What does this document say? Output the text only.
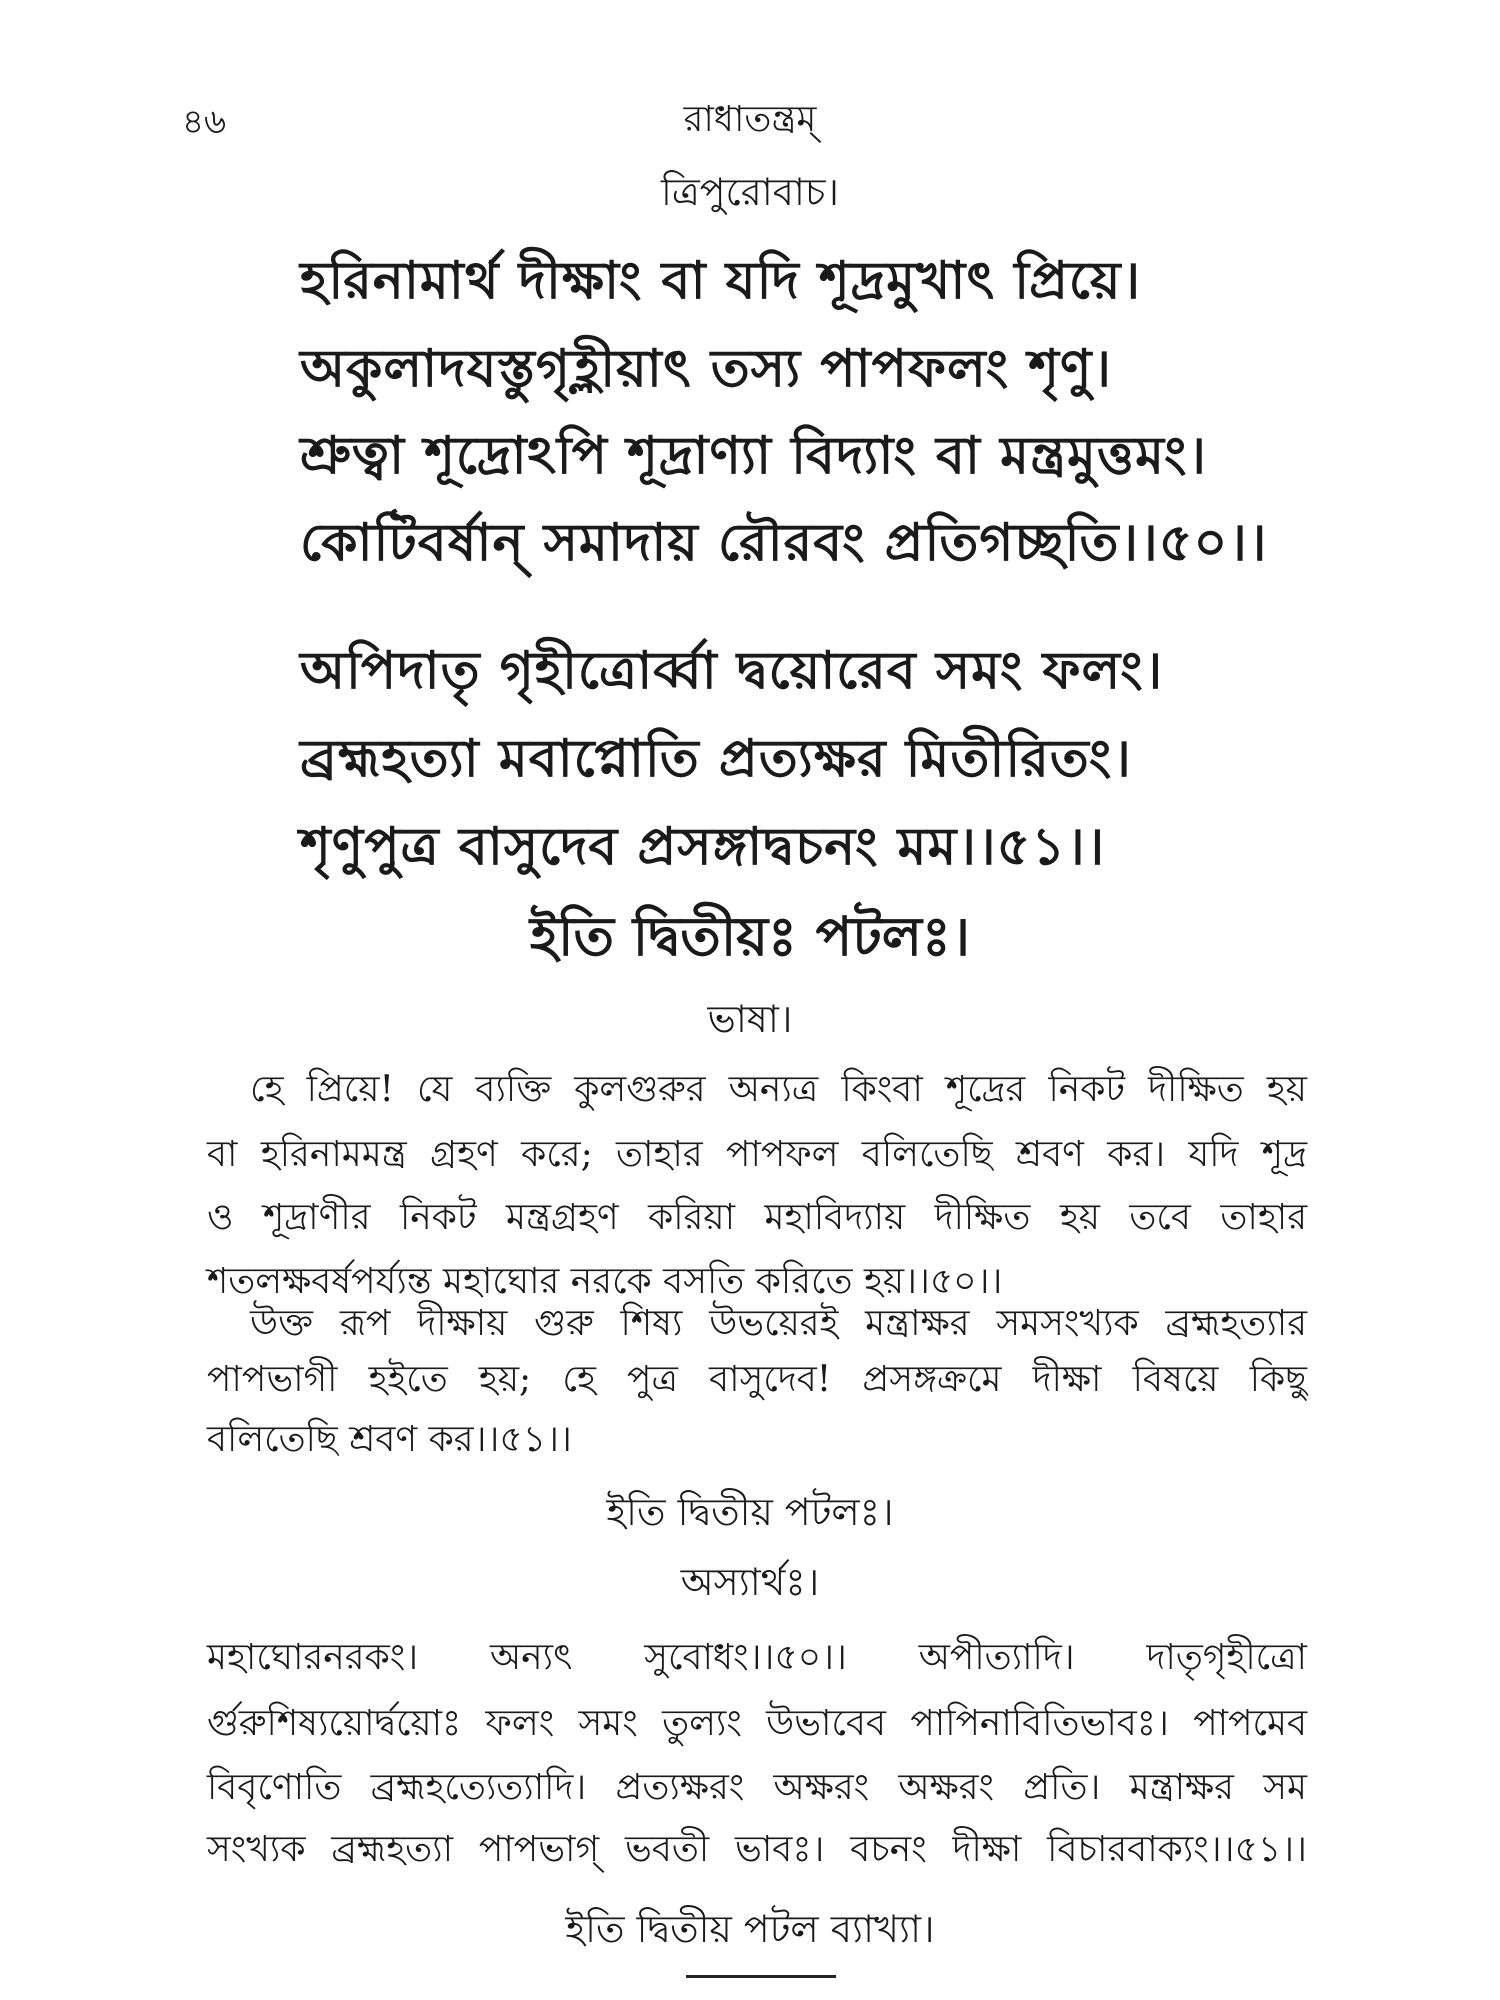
৪৬	রাধাতন্ত্রম্
ত্রিপুরোবাচ।
হরিনামার্থ দীক্ষাং বা যদি শূদ্রমুখাৎ প্রিয়ে।
অকুলাদযস্তুগৃহ্লীয়াৎ তস্য পাপফলং শৃণু।
শ্রুত্বা শূদ্রোঽপি শূদ্রাণ্যা বিদ্যাং বা মন্ত্রমুত্তমং।
কোটিবর্ষান্ সমাদায় রৌরবং প্রতিগচ্ছতি।।৫০।।
অপিদাতৃ গৃহীত্রোর্ব্বা দ্বয়োরেব সমং ফলং।
ব্রহ্মহত্যা মবাপ্নোতি প্রত্যক্ষর মিতীরিতং।
শৃণুপুত্র বাসুদেব প্রসঙ্গাদ্বচনং মম।।৫১।।
ইতি দ্বিতীয়ঃ পটলঃ।
ভাষা।
হে প্রিয়ে! যে ব্যক্তি কুলগুরুর অন্যত্র কিংবা শূদ্রের নিকট দীক্ষিত হয়
বা হরিনামমন্ত্র গ্রহণ করে; তাহার পাপফল বলিতেছি শ্রবণ কর। যদি শূদ্র
ও শূদ্রাণীর নিকট মন্ত্রগ্রহণ করিয়া মহাবিদ্যায় দীক্ষিত হয় তবে তাহার
শতলক্ষবর্ষপর্য্যন্ত মহাঘোর নরকে বসতি করিতে হয়।।৫০।।
উক্ত রূপ দীক্ষায় গুরু শিষ্য উভয়েরই মন্ত্রাক্ষর সমসংখ্যক ব্রহ্মহত্যার
পাপভাগী হইতে হয়; হে পুত্র বাসুদেব! প্রসঙ্গক্রমে দীক্ষা বিষয়ে কিছু
বলিতেছি শ্রবণ কর।।৫১।।
ইতি দ্বিতীয় পটলঃ।
অস্যার্থঃ।
মহাঘোরনরকং। অন্যৎ সুবোধং।।৫০।। অপীত্যাদি। দাতৃগৃহীত্রো
র্গুরুশিষ্যয়োর্দ্বয়োঃ ফলং সমং তুল্যং উভাবেব পাপিনাবিতিভাবঃ। পাপমেব
বিবৃণোতি ব্রহ্মহত্যেত্যাদি। প্রত্যক্ষরং অক্ষরং অক্ষরং প্রতি। মন্ত্রাক্ষর সম
সংখ্যক ব্রহ্মহত্যা পাপভাগ্ ভবতী ভাবঃ। বচনং দীক্ষা বিচারবাক্যং।।৫১।।
ইতি দ্বিতীয় পটল ব্যাখ্যা।
